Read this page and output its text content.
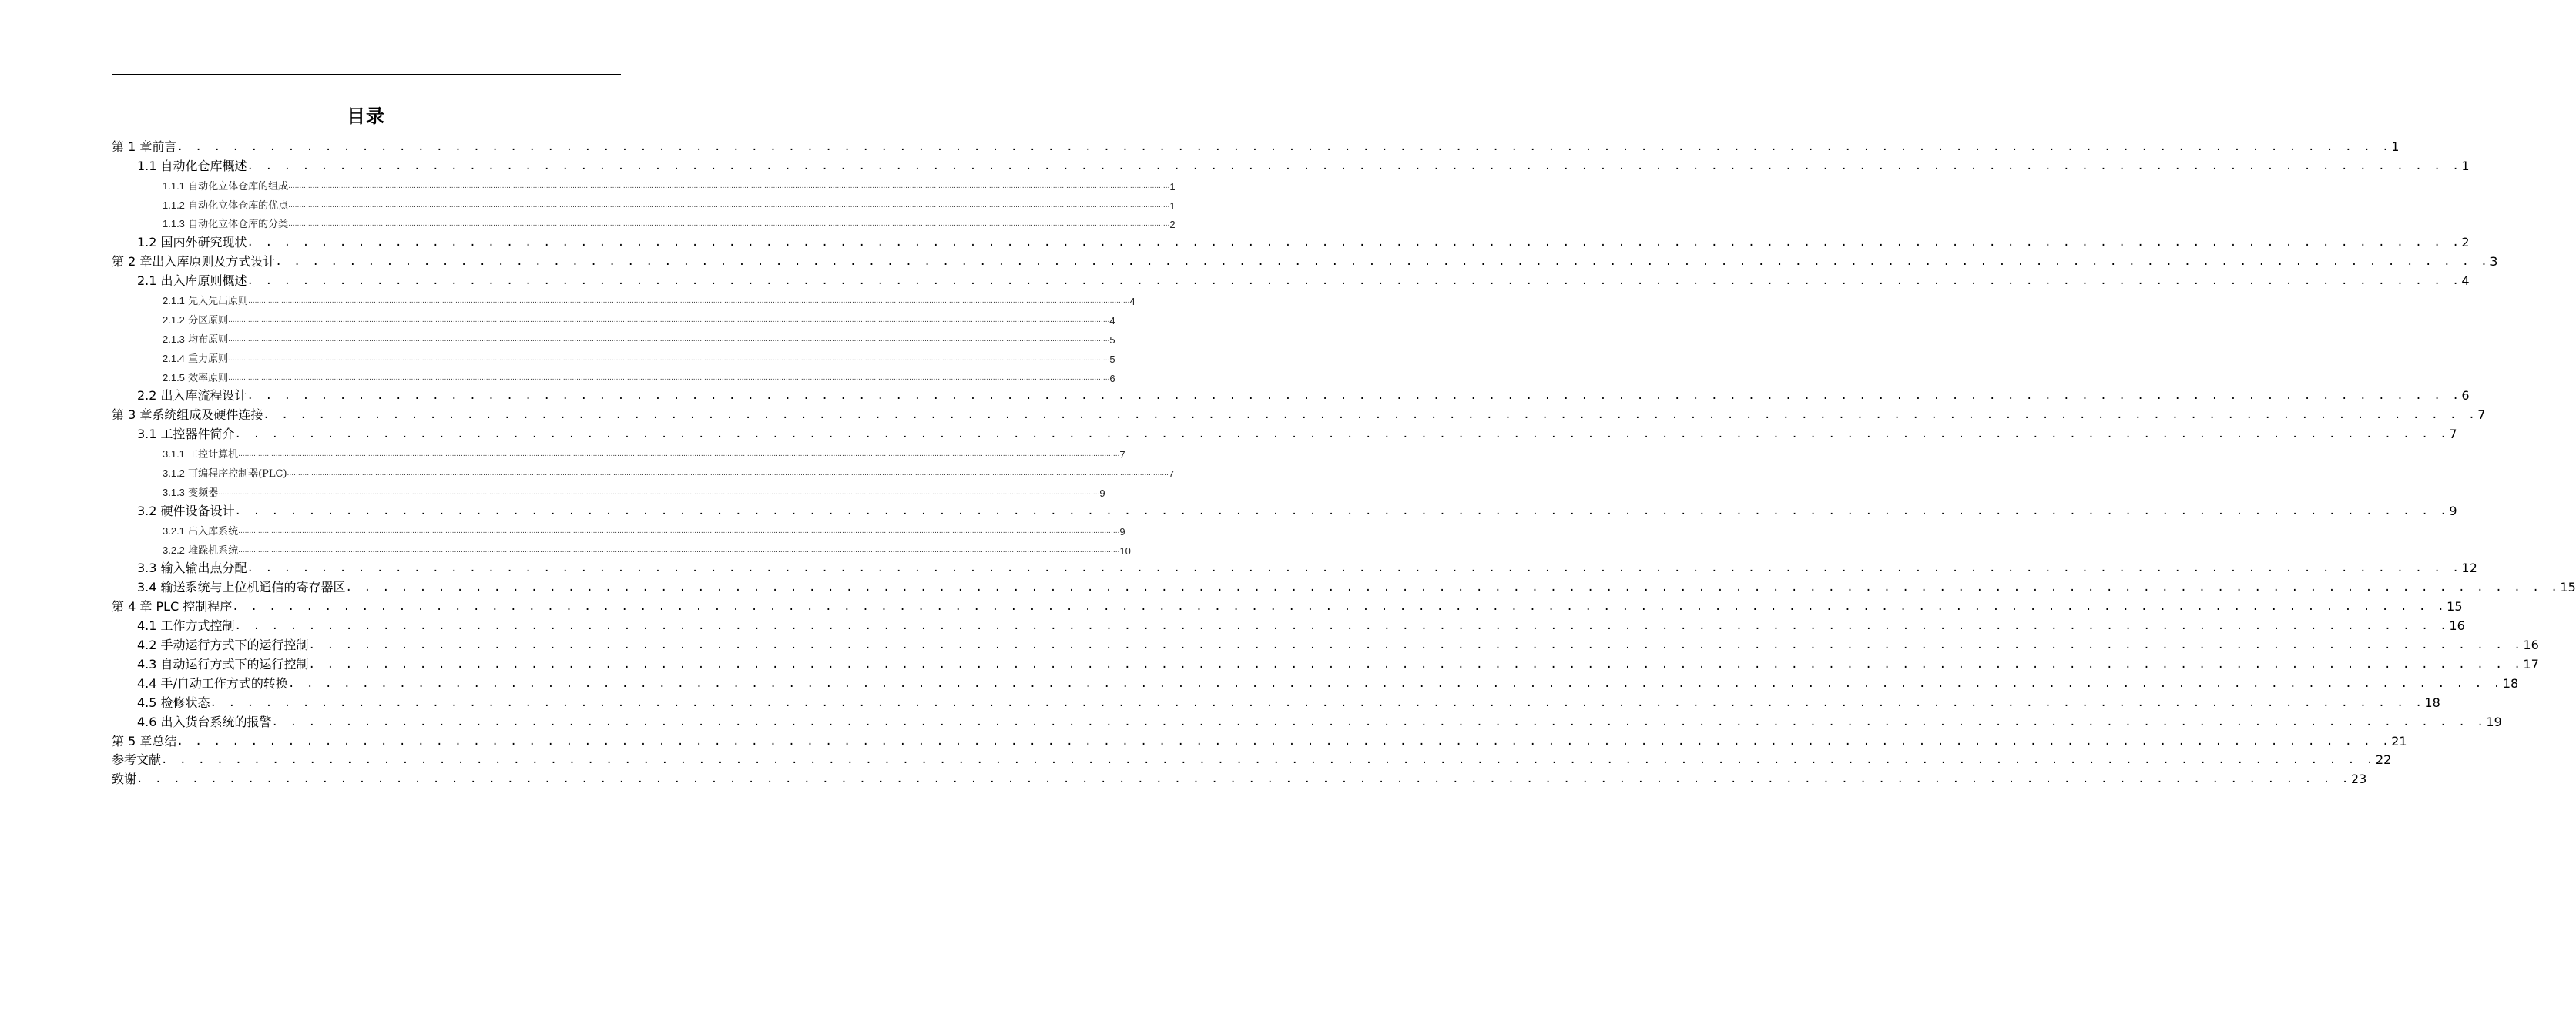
目录
第 1 章前言 . . . . . . . . . . . . . . . . . . . . . . . . . . . . . . . . . . . . . . . . . . . . . . . . . . . . . . . . . . . . . . . . . . . . . . . . . . . . . . . . . . . . . . . . . . . . . . . . . . . . . . . . . . . . . . . . . . . . . . . . 1
1.1 自动化仓库概述 . . . . . . . . . . . . . . . . . . . . . . . . . . . . . . . . . . . . . . . . . . . . . . . . . . . . . . . . . . . . . . . . . . . . . . . . . . . . . . . . . . . . . . . . . . . . . . . . . . . . . . . . . . . . . . . . . . . . . . . . 1
1.1.1 自动化立体仓库的组成 ................................................................................................................................................................................................................................................................................................................................................................................................................ 1
1.1.2 自动化立体仓库的优点 ................................................................................................................................................................................................................................................................................................................................................................................................................ 1
1.1.3 自动化立体仓库的分类 ................................................................................................................................................................................................................................................................................................................................................................................................................ 2
1.2 国内外研究现状 . . . . . . . . . . . . . . . . . . . . . . . . . . . . . . . . . . . . . . . . . . . . . . . . . . . . . . . . . . . . . . . . . . . . . . . . . . . . . . . . . . . . . . . . . . . . . . . . . . . . . . . . . . . . . . . . . . . . . . . . 2
第 2 章出入库原则及方式设计 . . . . . . . . . . . . . . . . . . . . . . . . . . . . . . . . . . . . . . . . . . . . . . . . . . . . . . . . . . . . . . . . . . . . . . . . . . . . . . . . . . . . . . . . . . . . . . . . . . . . . . . . . . . . . . . . . . . . . . . . 3
2.1 出入库原则概述 . . . . . . . . . . . . . . . . . . . . . . . . . . . . . . . . . . . . . . . . . . . . . . . . . . . . . . . . . . . . . . . . . . . . . . . . . . . . . . . . . . . . . . . . . . . . . . . . . . . . . . . . . . . . . . . . . . . . . . . . 4
2.1.1 先入先出原则 ................................................................................................................................................................................................................................................................................................................................................................................................................ 4
2.1.2 分区原则 ................................................................................................................................................................................................................................................................................................................................................................................................................ 4
2.1.3 均布原则 ................................................................................................................................................................................................................................................................................................................................................................................................................ 5
2.1.4 重力原则 ................................................................................................................................................................................................................................................................................................................................................................................................................ 5
2.1.5 效率原则 ................................................................................................................................................................................................................................................................................................................................................................................................................ 6
2.2 出入库流程设计 . . . . . . . . . . . . . . . . . . . . . . . . . . . . . . . . . . . . . . . . . . . . . . . . . . . . . . . . . . . . . . . . . . . . . . . . . . . . . . . . . . . . . . . . . . . . . . . . . . . . . . . . . . . . . . . . . . . . . . . . 6
第 3 章系统组成及硬件连接 . . . . . . . . . . . . . . . . . . . . . . . . . . . . . . . . . . . . . . . . . . . . . . . . . . . . . . . . . . . . . . . . . . . . . . . . . . . . . . . . . . . . . . . . . . . . . . . . . . . . . . . . . . . . . . . . . . . . . . . . 7
3.1 工控器件简介 . . . . . . . . . . . . . . . . . . . . . . . . . . . . . . . . . . . . . . . . . . . . . . . . . . . . . . . . . . . . . . . . . . . . . . . . . . . . . . . . . . . . . . . . . . . . . . . . . . . . . . . . . . . . . . . . . . . . . . . . 7
3.1.1 工控计算机 ................................................................................................................................................................................................................................................................................................................................................................................................................ 7
3.1.2 可编程序控制器(PLC) ................................................................................................................................................................................................................................................................................................................................................................................................................ 7
3.1.3 变频器 ................................................................................................................................................................................................................................................................................................................................................................................................................ 9
3.2 硬件设备设计 . . . . . . . . . . . . . . . . . . . . . . . . . . . . . . . . . . . . . . . . . . . . . . . . . . . . . . . . . . . . . . . . . . . . . . . . . . . . . . . . . . . . . . . . . . . . . . . . . . . . . . . . . . . . . . . . . . . . . . . . 9
3.2.1 出入库系统 ................................................................................................................................................................................................................................................................................................................................................................................................................ 9
3.2.2 堆跺机系统 ................................................................................................................................................................................................................................................................................................................................................................................................................ 10
3.3 输入输出点分配 . . . . . . . . . . . . . . . . . . . . . . . . . . . . . . . . . . . . . . . . . . . . . . . . . . . . . . . . . . . . . . . . . . . . . . . . . . . . . . . . . . . . . . . . . . . . . . . . . . . . . . . . . . . . . . . . . . . . . . . . 12
3.4 输送系统与上位机通信的寄存器区 . . . . . . . . . . . . . . . . . . . . . . . . . . . . . . . . . . . . . . . . . . . . . . . . . . . . . . . . . . . . . . . . . . . . . . . . . . . . . . . . . . . . . . . . . . . . . . . . . . . . . . . . . . . . . . . . . . . . . . . . 15
第 4 章 PLC 控制程序 . . . . . . . . . . . . . . . . . . . . . . . . . . . . . . . . . . . . . . . . . . . . . . . . . . . . . . . . . . . . . . . . . . . . . . . . . . . . . . . . . . . . . . . . . . . . . . . . . . . . . . . . . . . . . . . . . . . . . . . . 15
4.1 工作方式控制 . . . . . . . . . . . . . . . . . . . . . . . . . . . . . . . . . . . . . . . . . . . . . . . . . . . . . . . . . . . . . . . . . . . . . . . . . . . . . . . . . . . . . . . . . . . . . . . . . . . . . . . . . . . . . . . . . . . . . . . . 16
4.2 手动运行方式下的运行控制 . . . . . . . . . . . . . . . . . . . . . . . . . . . . . . . . . . . . . . . . . . . . . . . . . . . . . . . . . . . . . . . . . . . . . . . . . . . . . . . . . . . . . . . . . . . . . . . . . . . . . . . . . . . . . . . . . . . . . . . . 16
4.3 自动运行方式下的运行控制 . . . . . . . . . . . . . . . . . . . . . . . . . . . . . . . . . . . . . . . . . . . . . . . . . . . . . . . . . . . . . . . . . . . . . . . . . . . . . . . . . . . . . . . . . . . . . . . . . . . . . . . . . . . . . . . . . . . . . . . . 17
4.4 手/自动工作方式的转换 . . . . . . . . . . . . . . . . . . . . . . . . . . . . . . . . . . . . . . . . . . . . . . . . . . . . . . . . . . . . . . . . . . . . . . . . . . . . . . . . . . . . . . . . . . . . . . . . . . . . . . . . . . . . . . . . . . . . . . . . 18
4.5 检修状态 . . . . . . . . . . . . . . . . . . . . . . . . . . . . . . . . . . . . . . . . . . . . . . . . . . . . . . . . . . . . . . . . . . . . . . . . . . . . . . . . . . . . . . . . . . . . . . . . . . . . . . . . . . . . . . . . . . . . . . . . 18
4.6 出入货台系统的报警 . . . . . . . . . . . . . . . . . . . . . . . . . . . . . . . . . . . . . . . . . . . . . . . . . . . . . . . . . . . . . . . . . . . . . . . . . . . . . . . . . . . . . . . . . . . . . . . . . . . . . . . . . . . . . . . . . . . . . . . . 19
第 5 章总结 . . . . . . . . . . . . . . . . . . . . . . . . . . . . . . . . . . . . . . . . . . . . . . . . . . . . . . . . . . . . . . . . . . . . . . . . . . . . . . . . . . . . . . . . . . . . . . . . . . . . . . . . . . . . . . . . . . . . . . . . 21
参考文献 . . . . . . . . . . . . . . . . . . . . . . . . . . . . . . . . . . . . . . . . . . . . . . . . . . . . . . . . . . . . . . . . . . . . . . . . . . . . . . . . . . . . . . . . . . . . . . . . . . . . . . . . . . . . . . . . . . . . . . . . 22
致谢 . . . . . . . . . . . . . . . . . . . . . . . . . . . . . . . . . . . . . . . . . . . . . . . . . . . . . . . . . . . . . . . . . . . . . . . . . . . . . . . . . . . . . . . . . . . . . . . . . . . . . . . . . . . . . . . . . . . . . . . . 23
